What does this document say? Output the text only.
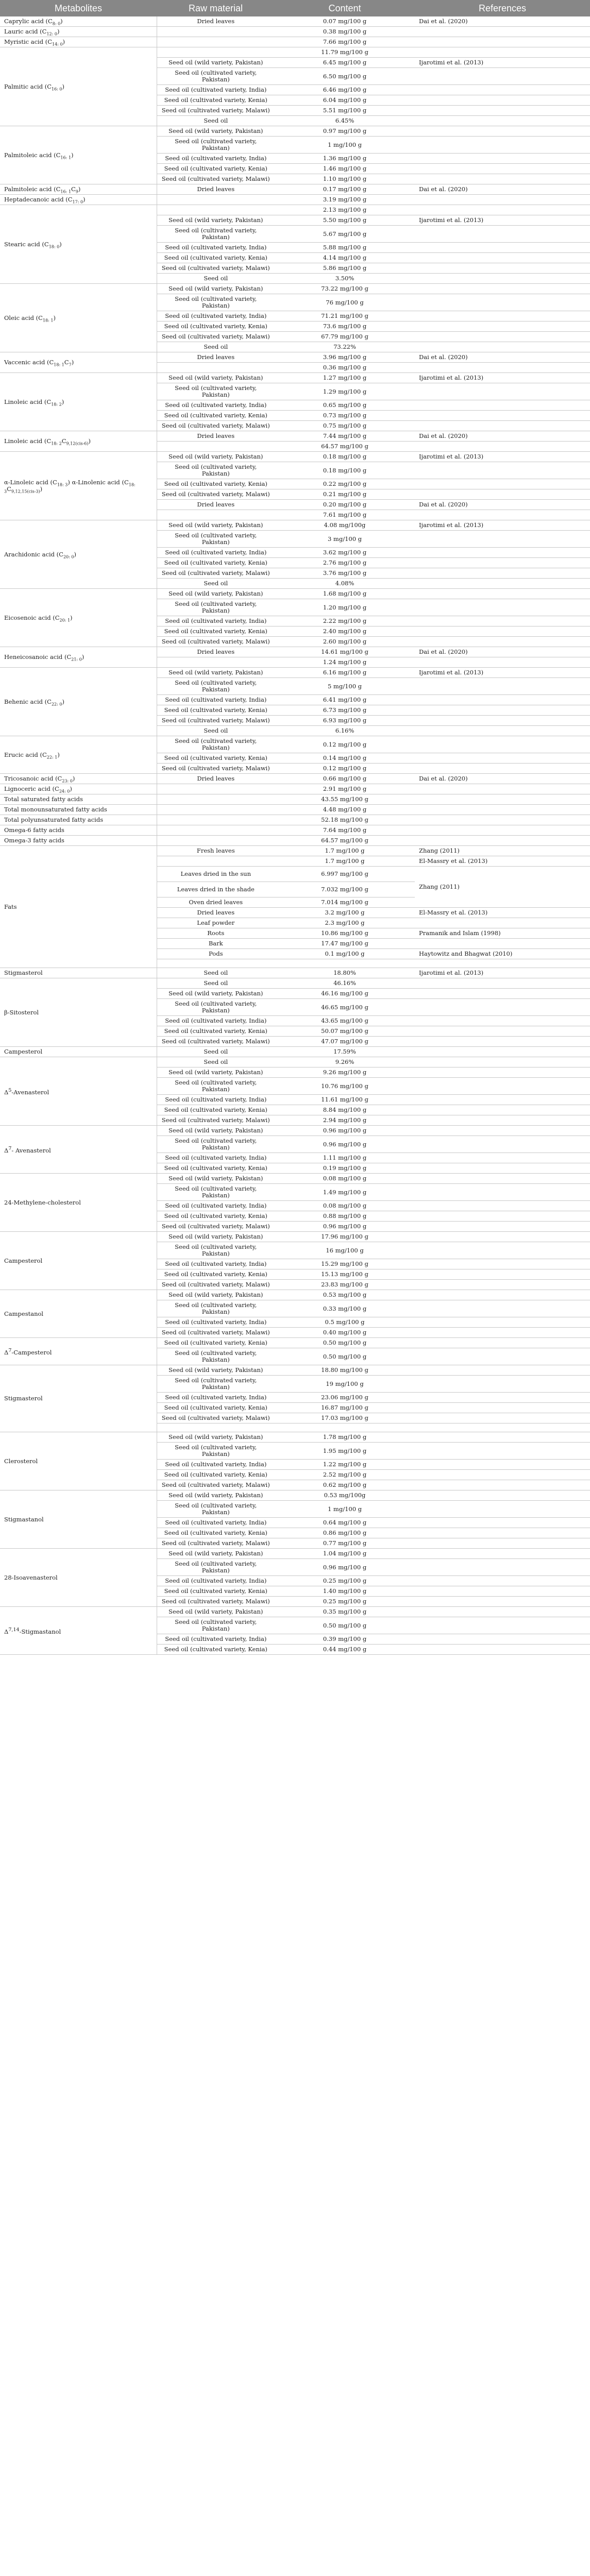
Metabolites	Raw material	Content	References
Caprylic acid $(C_{8: 0})$	Dried leaves	0.07 mg/100 g	Dai et al. (2020)
Lauric acid $(C_{12: 0})$		0.38 mg/100 g	
Myristic acid $(C_{14: 0})$		7.66 mg/100 g	
Palmitic acid $(C_{16: 0})$		11.79 mg/100 g	
	Seed oil (wild variety, Pakistan)	6.45 mg/100 g	Ijarotimi et al. (2013)
	Seed oil (cultivated variety, Pakistan)	6.50 mg/100 g	
	Seed oil (cultivated variety, India)	6.46 mg/100 g	
	Seed oil (cultivated variety, Kenia)	6.04 mg/100 g	
	Seed oil (cultivated variety, Malawi)	5.51 mg/100 g	
	Seed oil	6.45%	
Palmitoleic acid $(C_{16: 1})$	Seed oil (wild variety, Pakistan)	0.97 mg/100 g	
	Seed oil (cultivated variety, Pakistan)	1 mg/100 g	
	Seed oil (cultivated variety, India)	1.36 mg/100 g	
	Seed oil (cultivated variety, Kenia)	1.46 mg/100 g	
	Seed oil (cultivated variety, Malawi)	1.10 mg/100 g	
Palmitoleic acid $(C_{16: 1}C_9)$	Dried leaves	0.17 mg/100 g	Dai et al. (2020)
Heptadecanoic acid $(C_{17: 0})$		3.19 mg/100 g	
Stearic acid $(C_{18: 0})$		2.13 mg/100 g	
	Seed oil (wild variety, Pakistan)	5.50 mg/100 g	Ijarotimi et al. (2013)
	Seed oil (cultivated variety, Pakistan)	5.67 mg/100 g	
	Seed oil (cultivated variety, India)	5.88 mg/100 g	
	Seed oil (cultivated variety, Kenia)	4.14 mg/100 g	
	Seed oil (cultivated variety, Malawi)	5.86 mg/100 g	
	Seed oil	3.50%	
Oleic acid $(C_{18: 1})$	Seed oil (wild variety, Pakistan)	73.22 mg/100 g	
	Seed oil (cultivated variety, Pakistan)	76 mg/100 g	
	Seed oil (cultivated variety, India)	71.21 mg/100 g	
	Seed oil (cultivated variety, Kenia)	73.6 mg/100 g	
	Seed oil (cultivated variety, Malawi)	67.79 mg/100 g	
	Seed oil	73.22%	
Vaccenic acid $(C_{18: 1}C_7)$	Dried leaves	3.96 mg/100 g	Dai et al. (2020)
		0.36 mg/100 g	
Linoleic acid $(C_{18: 2})$	Seed oil (wild variety, Pakistan)	1.27 mg/100 g	Ijarotimi et al. (2013)
	Seed oil (cultivated variety, Pakistan)	1.29 mg/100 g	
	Seed oil (cultivated variety, India)	0.65 mg/100 g	
	Seed oil (cultivated variety, Kenia)	0.73 mg/100 g	
	Seed oil (cultivated variety, Malawi)	0.75 mg/100 g	
Linoleic acid $(C_{18: 2}C_{9,12(cis-6)})$	Dried leaves	7.44 mg/100 g	Dai et al. (2020)
		64.57 mg/100 g	
α-Linoleic acid $(C_{18: 3})$ α-Linolenic acid $(C_{18: 3}C_{9,12,15(cis-3)})$	Seed oil (wild variety, Pakistan)	0.18 mg/100 g	Ijarotimi et al. (2013)
	Seed oil (cultivated variety, Pakistan)	0.18 mg/100 g	
	Seed oil (cultivated variety, Kenia)	0.22 mg/100 g	
	Seed oil (cultivated variety, Malawi)	0.21 mg/100 g	
	Dried leaves	0.20 mg/100 g	Dai et al. (2020)
		7.61 mg/100 g	
Arachidonic acid $(C_{20: 0})$	Seed oil (wild variety, Pakistan)	4.08 mg/100g	Ijarotimi et al. (2013)
	Seed oil (cultivated variety, Pakistan)	3 mg/100 g	
	Seed oil (cultivated variety, India)	3.62 mg/100 g	
	Seed oil (cultivated variety, Kenia)	2.76 mg/100 g	
	Seed oil (cultivated variety, Malawi)	3.76 mg/100 g	
	Seed oil	4.08%	
Eicosenoic acid $(C_{20: 1})$	Seed oil (wild variety, Pakistan)	1.68 mg/100 g	
	Seed oil (cultivated variety, Pakistan)	1.20 mg/100 g	
	Seed oil (cultivated variety, India)	2.22 mg/100 g	
	Seed oil (cultivated variety, Kenia)	2.40 mg/100 g	
	Seed oil (cultivated variety, Malawi)	2.60 mg/100 g	
Heneicosanoic acid $(C_{21: 0})$	Dried leaves	14.61 mg/100 g	Dai et al. (2020)
		1.24 mg/100 g	
Behenic acid $(C_{22: 0})$	Seed oil (wild variety, Pakistan)	6.16 mg/100 g	Ijarotimi et al. (2013)
	Seed oil (cultivated variety, Pakistan)	5 mg/100 g	
	Seed oil (cultivated variety, India)	6.41 mg/100 g	
	Seed oil (cultivated variety, Kenia)	6.73 mg/100 g	
	Seed oil (cultivated variety, Malawi)	6.93 mg/100 g	
	Seed oil	6.16%	
Erucic acid $(C_{22: 1})$	Seed oil (cultivated variety, Pakistan)	0.12 mg/100 g	
	Seed oil (cultivated variety, Kenia)	0.14 mg/100 g	
	Seed oil (cultivated variety, Malawi)	0.12 mg/100 g	
Tricosanoic acid $(C_{23: 0})$	Dried leaves	0.66 mg/100 g	Dai et al. (2020)
Lignoceric acid $(C_{24: 0})$		2.91 mg/100 g	
Total saturated fatty acids		43.55 mg/100 g	
Total monounsaturated fatty acids		4.48 mg/100 g	
Total polyunsaturated fatty acids		52.18 mg/100 g	
Omega-6 fatty acids		7.64 mg/100 g	
Omega-3 fatty acids		64.57 mg/100 g	
Fats	Fresh leaves	1.7 mg/100 g	Zhang (2011)
		1.7 mg/100 g	El-Massry et al. (2013)
	Leaves dried in the sun	6.997 mg/100 g	Zhang (2011)
	Leaves dried in the shade	7.032 mg/100 g	
	Oven dried leaves	7.014 mg/100 g	
	Dried leaves	3.2 mg/100 g	El-Massry et al. (2013)
	Leaf powder	2.3 mg/100 g	
	Roots	10.86 mg/100 g	Pramanik and Islam (1998)
	Bark	17.47 mg/100 g	
	Pods	0.1 mg/100 g	Haytowitz and Bhagwat (2010)

Stigmasterol	Seed oil	18.80%	Ijarotimi et al. (2013)
β-Sitosterol	Seed oil	46.16%	
	Seed oil (wild variety, Pakistan)	46.16 mg/100 g	
	Seed oil (cultivated variety, Pakistan)	46.65 mg/100 g	
	Seed oil (cultivated variety, India)	43.65 mg/100 g	
	Seed oil (cultivated variety, Kenia)	50.07 mg/100 g	
	Seed oil (cultivated variety, Malawi)	47.07 mg/100 g	
Campesterol	Seed oil	17.59%	
$\Delta^5$-Avenasterol	Seed oil	9.26%	
	Seed oil (wild variety, Pakistan)	9.26 mg/100 g	
	Seed oil (cultivated variety, Pakistan)	10.76 mg/100 g	
	Seed oil (cultivated variety, India)	11.61 mg/100 g	
	Seed oil (cultivated variety, Kenia)	8.84 mg/100 g	
	Seed oil (cultivated variety, Malawi)	2.94 mg/100 g	
$\Delta^7-$ Avenasterol	Seed oil (wild variety, Pakistan)	0.96 mg/100 g	
	Seed oil (cultivated variety, Pakistan)	0.96 mg/100 g	
	Seed oil (cultivated variety, India)	1.11 mg/100 g	
	Seed oil (cultivated variety, Kenia)	0.19 mg/100 g	
24-Methylene-cholesterol	Seed oil (wild variety, Pakistan)	0.08 mg/100 g	
	Seed oil (cultivated variety, Pakistan)	1.49 mg/100 g	
	Seed oil (cultivated variety, India)	0.08 mg/100 g	
	Seed oil (cultivated variety, Kenia)	0.88 mg/100 g	
	Seed oil (cultivated variety, Malawi)	0.96 mg/100 g	
Campesterol	Seed oil (wild variety, Pakistan)	17.96 mg/100 g	
	Seed oil (cultivated variety, Pakistan)	16 mg/100 g	
	Seed oil (cultivated variety, India)	15.29 mg/100 g	
	Seed oil (cultivated variety, Kenia)	15.13 mg/100 g	
	Seed oil (cultivated variety, Malawi)	23.83 mg/100 g	
Campestanol	Seed oil (wild variety, Pakistan)	0.53 mg/100 g	
	Seed oil (cultivated variety, Pakistan)	0.33 mg/100 g	
	Seed oil (cultivated variety, India)	0.5 mg/100 g	
	Seed oil (cultivated variety, Malawi)	0.40 mg/100 g	
$\Delta^7$-Campesterol	Seed oil (cultivated variety, Kenia)	0.50 mg/100 g	
	Seed oil (cultivated variety, Pakistan)	0.50 mg/100 g	
Stigmasterol	Seed oil (wild variety, Pakistan)	18.80 mg/100 g	
	Seed oil (cultivated variety, Pakistan)	19 mg/100 g	
	Seed oil (cultivated variety, India)	23.06 mg/100 g	
	Seed oil (cultivated variety, Kenia)	16.87 mg/100 g	
	Seed oil (cultivated variety, Malawi)	17.03 mg/100 g	

Clerosterol	Seed oil (wild variety, Pakistan)	1.78 mg/100 g	
	Seed oil (cultivated variety, Pakistan)	1.95 mg/100 g	
	Seed oil (cultivated variety, India)	1.22 mg/100 g	
	Seed oil (cultivated variety, Kenia)	2.52 mg/100 g	
	Seed oil (cultivated variety, Malawi)	0.62 mg/100 g	
Stigmastanol	Seed oil (wild variety, Pakistan)	0.53 mg/100g	
	Seed oil (cultivated variety, Pakistan)	1 mg/100 g	
	Seed oil (cultivated variety, India)	0.64 mg/100 g	
	Seed oil (cultivated variety, Kenia)	0.86 mg/100 g	
	Seed oil (cultivated variety, Malawi)	0.77 mg/100 g	
28-Isoavenasterol	Seed oil (wild variety, Pakistan)	1.04 mg/100 g	
	Seed oil (cultivated variety, Pakistan)	0.96 mg/100 g	
	Seed oil (cultivated variety, India)	0.25 mg/100 g	
	Seed oil (cultivated variety, Kenia)	1.40 mg/100 g	
	Seed oil (cultivated variety, Malawi)	0.25 mg/100 g	
Δ$^{7,14}$-Stigmastanol	Seed oil (wild variety, Pakistan)	0.35 mg/100 g	
	Seed oil (cultivated variety, Pakistan)	0.50 mg/100 g	
	Seed oil (cultivated variety, India)	0.39 mg/100 g	
	Seed oil (cultivated variety, Kenia)	0.44 mg/100 g	
